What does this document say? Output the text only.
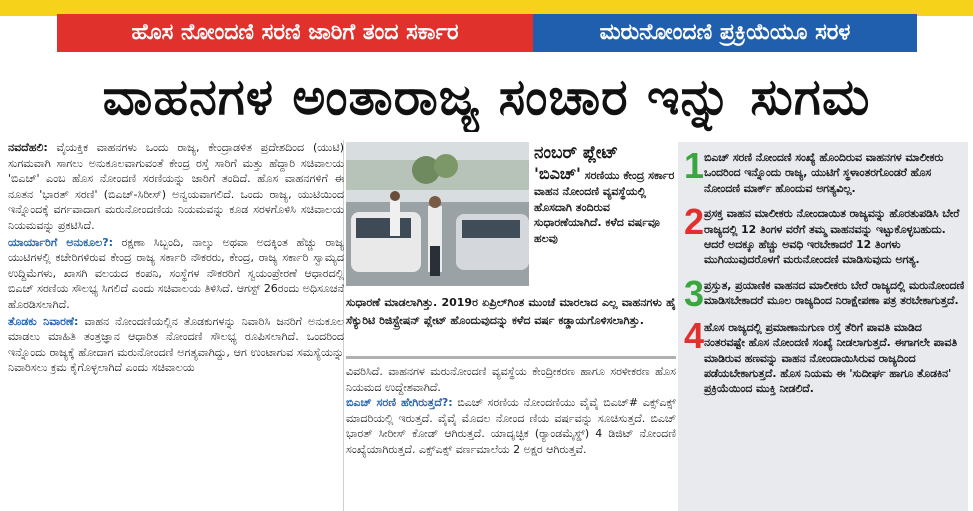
ಹೊಸ ನೋಂದಣಿ ಸರಣಿ ಜಾರಿಗೆ ತಂದ ಸರ್ಕಾರ	ಮರುನೋಂದಣಿ ಪ್ರಕ್ರಿಯೆಯೂ ಸರಳ
ವಾಹನಗಳ ಅಂತಾರಾಜ್ಯ ಸಂಚಾರ ಇನ್ನು ಸುಗಮ

ನವದೆಹಲಿ: ವೈಯಕ್ತಿಕ ವಾಹನಗಳು ಒಂದು ರಾಜ್ಯ, ಕೇಂದ್ರಾಡಳಿತ ಪ್ರದೇಶದಿಂದ (ಯುಟಿ) ಸುಗಮವಾಗಿ ಸಾಗಲು ಅನುಕೂಲವಾಗುವಂತೆ ಕೇಂದ್ರ ರಸ್ತೆ ಸಾರಿಗೆ ಮತ್ತು ಹೆದ್ದಾರಿ ಸಚಿವಾಲಯ 'ಬಿಎಚ್' ಎಂಬ ಹೊಸ ನೋಂದಣಿ ಸರಣಿಯನ್ನು ಜಾರಿಗೆ ತಂದಿದೆ. ಹೊಸ ವಾಹನಗಳಿಗೆ ಈ ನೂತನ 'ಭಾರತ್ ಸರಣಿ' (ಬಿಎಚ್-ಸಿರೀಸ್) ಅನ್ವಯವಾಗಲಿದೆ. ಒಂದು ರಾಜ್ಯ, ಯುಟಿಯಿಂದ ಇನ್ನೊಂದಕ್ಕೆ ವರ್ಗವಾದಾಗ ಮರುನೋಂದಣಿಯ ನಿಯಮವನ್ನು ಕೂಡ ಸರಳಗೊಳಿಸಿ ಸಚಿವಾಲಯ ನಿಯಮವನ್ನು ಪ್ರಕಟಿಸಿದೆ.

ಯಾರ್ಯಾರಿಗೆ ಅನುಕೂಲ?: ರಕ್ಷಣಾ ಸಿಬ್ಬಂದಿ, ನಾಲ್ಕು ಅಥವಾ ಅದಕ್ಕಿಂತ ಹೆಚ್ಚು ರಾಜ್ಯ ಯುಟಿಗಳಲ್ಲಿ ಕಚೇರಿಗಳಿರುವ ಕೇಂದ್ರ ರಾಜ್ಯ ಸರ್ಕಾರಿ ನೌಕರರು, ಕೇಂದ್ರ, ರಾಜ್ಯ ಸರ್ಕಾರಿ ಸ್ವಾಮ್ಯದ ಉದ್ದಿಮೆಗಳು, ಖಾಸಗಿ ವಲಯದ ಕಂಪನಿ, ಸಂಸ್ಥೆಗಳ ನೌಕರರಿಗೆ ಸ್ವಯಂಪ್ರೇರಣೆ ಆಧಾರದಲ್ಲಿ ಬಿಎಚ್ ಸರಣಿಯ ಸೌಲಭ್ಯ ಸಿಗಲಿದೆ ಎಂದು ಸಚಿವಾಲಯ ತಿಳಿಸಿದೆ. ಆಗಸ್ಟ್ 26ರಂದು ಅಧಿಸೂಚನೆ ಹೊರಡಿಸಲಾಗಿದೆ.

ತೊಡಕು ನಿವಾರಣೆ: ವಾಹನ ನೋಂದಣಿಯಲ್ಲಿನ ತೊಡಕುಗಳನ್ನು ನಿವಾರಿಸಿ ಜನರಿಗೆ ಅನುಕೂಲ ಮಾಡಲು ಮಾಹಿತಿ ತಂತ್ರಜ್ಞಾನ ಆಧಾರಿತ ನೋಂದಣಿ ಸೌಲಭ್ಯ ರೂಪಿಸಲಾಗಿದೆ. ಒಂದರಿಂದ ಇನ್ನೊಂದು ರಾಜ್ಯಕ್ಕೆ ಹೋದಾಗ ಮರುನೋಂದಣಿ ಅಗತ್ಯವಾಗಿದ್ದು, ಆಗ ಉಂಟಾಗುವ ಸಮಸ್ಯೆಯನ್ನು ನಿವಾರಿಸಲು ಕ್ರಮ ಕೈಗೊಳ್ಳಲಾಗಿದೆ ಎಂದು ಸಚಿವಾಲಯ

ನಂಬರ್ ಪ್ಲೇಟ್
'ಬಿಎಚ್' ಸರಣಿಯು ಕೇಂದ್ರ ಸರ್ಕಾರ ವಾಹನ ನೋಂದಣಿ ವ್ಯವಸ್ಥೆಯಲ್ಲಿ ಹೊಸದಾಗಿ ತಂದಿರುವ ಸುಧಾರಣೆಯಾಗಿದೆ. ಕಳೆದ ವರ್ಷವೂ ಹಲವು
ಸುಧಾರಣೆ ಮಾಡಲಾಗಿತ್ತು. 2019ರ ಏಪ್ರಿಲ್‌ಗಿಂತ ಮುಂಚೆ ಮಾರಲಾದ ಎಲ್ಲ ವಾಹನಗಳು ಹೈ ಸೆಕ್ಯುರಿಟಿ ರಿಜಿಸ್ಟ್ರೇಷನ್ ಪ್ಲೇಟ್ ಹೊಂದುವುದನ್ನು ಕಳೆದ ವರ್ಷ ಕಡ್ಡಾಯಗೊಳಿಸಲಾಗಿತ್ತು.

ವಿವರಿಸಿದೆ. ವಾಹನಗಳ ಮರುನೋಂದಣಿ ವ್ಯವಸ್ಥೆಯ ಕೇಂದ್ರೀಕರಣ ಹಾಗೂ ಸರಳೀಕರಣ ಹೊಸ ನಿಯಮದ ಉದ್ದೇಶವಾಗಿದೆ.

ಬಿಎಚ್ ಸರಣಿ ಹೇಗಿರುತ್ತದೆ?: ಬಿಎಚ್ ಸರಣಿಯ ನೋಂದಣಿಯು ವೈವೈ ಬಿಎಚ್# ಎಕ್ಸ್‌ಎಕ್ಸ್ ಮಾದರಿಯಲ್ಲಿ ಇರುತ್ತದೆ. ವೈವೈ ಮೊದಲ ನೋಂದ ಣಿಯ ವರ್ಷವನ್ನು ಸೂಚಿಸುತ್ತದೆ. ಬಿಎಚ್ ಭಾರತ್ ಸೀರೀಸ್ ಕೋಡ್ ಆಗಿರುತ್ತದೆ. ಯಾದೃಚ್ಛಿಕ (ರ್‍ಯಾಂಡಮೈಸ್ಡ್) 4 ಡಿಜಿಟ್ ನೋಂದಣಿ ಸಂಖ್ಯೆಯಾಗಿರುತ್ತದೆ. ಎಕ್ಸ್‌ಎಕ್ಸ್ ವರ್ಣಮಾಲೆಯ 2 ಅಕ್ಷರ ಆಗಿರುತ್ತವೆ.

1 ಬಿಎಚ್ ಸರಣಿ ನೋಂದಣಿ ಸಂಖ್ಯೆ ಹೊಂದಿರುವ ವಾಹನಗಳ ಮಾಲೀಕರು ಒಂದರಿಂದ ಇನ್ನೊಂದು ರಾಜ್ಯ, ಯುಟಿಗೆ ಸ್ಥಳಾಂತರಗೊಂಡರೆ ಹೊಸ ನೋಂದಣಿ ಮಾರ್ಕ್ ಹೊಂದುವ ಅಗತ್ಯವಿಲ್ಲ.
2 ಪ್ರಸಕ್ತ ವಾಹನ ಮಾಲೀಕರು ನೋಂದಾಯಿತ ರಾಜ್ಯವನ್ನು ಹೊರತುಪಡಿಸಿ ಬೇರೆ ರಾಜ್ಯದಲ್ಲಿ 12 ತಿಂಗಳ ವರೆಗೆ ತಮ್ಮ ವಾಹನವನ್ನು ಇಟ್ಟುಕೊಳ್ಳಬಹುದು. ಆದರೆ ಅದಕ್ಕೂ ಹೆಚ್ಚು ಅವಧಿ ಇರಬೇಕಾದರೆ 12 ತಿಂಗಳು ಮುಗಿಯುವುದರೊಳಗೆ ಮರುನೋಂದಣಿ ಮಾಡಿಸುವುದು ಅಗತ್ಯ.
3 ಪ್ರಸ್ತುತ, ಪ್ರಯಾಣಿಕ ವಾಹನದ ಮಾಲೀಕರು ಬೇರೆ ರಾಜ್ಯದಲ್ಲಿ ಮರುನೋಂದಣಿ ಮಾಡಿಸಬೇಕಾದರೆ ಮೂಲ ರಾಜ್ಯದಿಂದ ನಿರಾಕ್ಷೇಪಣಾ ಪತ್ರ ತರಬೇಕಾಗುತ್ತದೆ.
4 ಹೊಸ ರಾಜ್ಯದಲ್ಲಿ ಪ್ರಮಾಣಾನುಗುಣ ರಸ್ತೆ ತೆರಿಗೆ ಪಾವತಿ ಮಾಡಿದ ನಂತರವಷ್ಟೇ ಹೊಸ ನೋಂದಣಿ ಸಂಖ್ಯೆ ನೀಡಲಾಗುತ್ತದೆ. ಈಗಾಗಲೇ ಪಾವತಿ ಮಾಡಿರುವ ಹಣವನ್ನು ವಾಹನ ನೋಂದಾಯಿಸಿರುವ ರಾಜ್ಯದಿಂದ ಪಡೆಯಬೇಕಾಗುತ್ತದೆ. ಹೊಸ ನಿಯಮ ಈ 'ಸುದೀರ್ಘ ಹಾಗೂ ತೊಡಕಿನ' ಪ್ರಕ್ರಿಯೆಯಿಂದ ಮುಕ್ತಿ ನೀಡಲಿದೆ.
